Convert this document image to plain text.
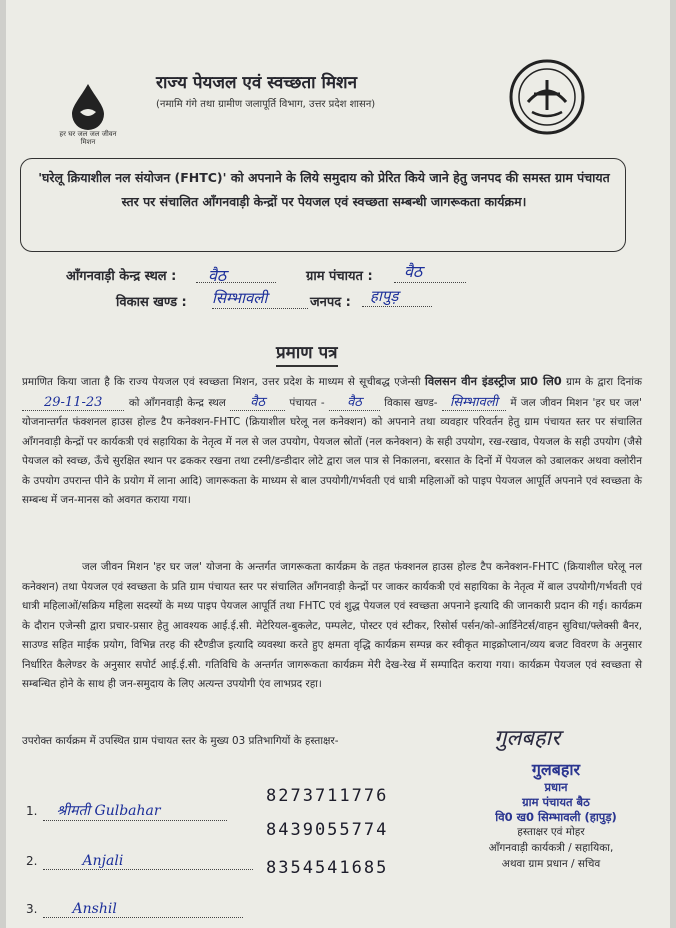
हर घर जल जल जीवन मिशन
राज्य पेयजल एवं स्वच्छता मिशन
(नमामि गंगे तथा ग्रामीण जलापूर्ति विभाग, उत्तर प्रदेश शासन)
'घरेलू क्रियाशील नल संयोजन (FHTC)' को अपनाने के लिये समुदाय को प्रेरित किये जाने हेतु जनपद की समस्त ग्राम पंचायत स्तर पर संचालित आँगनवाड़ी केन्द्रों पर पेयजल एवं स्वच्छता सम्बन्धी जागरूकता कार्यक्रम।
आँगनवाड़ी केन्द्र स्थल :	वैठ	ग्राम पंचायत :	वैठ
विकास खण्ड : सिम्भावली	जनपद :	हापुड़
प्रमाण पत्र
प्रमाणित किया जाता है कि राज्य पेयजल एवं स्वच्छता मिशन, उत्तर प्रदेश के माध्यम से सूचीबद्ध एजेन्सी विलसन वीन इंडस्ट्रीज प्रा0 लि0 ग्राम के द्वारा दिनांक 29-11-23	को आँगनवाड़ी केन्द्र स्थल वैठ पंचायत - वैठ विकास खण्ड- सिम्भावली में जल जीवन मिशन 'हर घर जल' योजनान्तर्गत फंक्शनल हाउस होल्ड टैप कनेक्शन-FHTC (क्रियाशील घरेलू नल कनेक्शन) को अपनाने तथा व्यवहार परिवर्तन हेतु ग्राम पंचायत स्तर पर संचालित आँगनवाड़ी केन्द्रों पर कार्यकत्री एवं सहायिका के नेतृत्व में नल से जल उपयोग, पेयजल स्रोतों (नल कनेक्शन) के सही उपयोग, रख-रखाव, पेयजल के सही उपयोग (जैसे पेयजल को स्वच्छ, ऊँचे सुरक्षित स्थान पर ढककर रखना तथा टस्नी/डन्डीदार लोटे द्वारा जल पात्र से निकालना, बरसात के दिनों में पेयजल को उबालकर अथवा क्लोरीन के उपयोग उपरान्त पीने के प्रयोग में लाना आदि) जागरूकता के माध्यम से बाल उपयोगी/गर्भवती एवं धात्री महिलाओं को पाइप पेयजल आपूर्ति अपनाने एवं स्वच्छता के सम्बन्ध में जन-मानस को अवगत कराया गया।
जल जीवन मिशन 'हर घर जल' योजना के अन्तर्गत जागरूकता कार्यक्रम के तहत फंक्शनल हाउस होल्ड टैप कनेक्शन-FHTC (क्रियाशील घरेलू नल कनेक्शन) तथा पेयजल एवं स्वच्छता के प्रति ग्राम पंचायत स्तर पर संचालित आँगनवाड़ी केन्द्रों पर जाकर कार्यकत्री एवं सहायिका के नेतृत्व में बाल उपयोगी/गर्भवती एवं धात्री महिलाओं/सक्रिय महिला सदस्यों के मध्य पाइप पेयजल आपूर्ति तथा FHTC एवं शुद्ध पेयजल एवं स्वच्छता अपनाने इत्यादि की जानकारी प्रदान की गई। कार्यक्रम के दौरान एजेन्सी द्वारा प्रचार-प्रसार हेतु आवश्यक आई.ई.सी. मेटेरियल-बुकलेट, पम्पलेट, पोस्टर एवं स्टीकर, रिसोर्स पर्सन/को-आर्डिनेटर्स/वाहन सुविधा/फ्लेक्सी बैनर, साउण्ड सहित माईक प्रयोग, विभिन्न तरह की स्टैण्डीज इत्यादि व्यवस्था करते हुए क्षमता वृद्धि कार्यक्रम सम्पन्न कर स्वीकृत माइक्रोप्लान/व्यय बजट विवरण के अनुसार निर्धारित कैलेण्डर के अनुसार सपोर्ट आई.ई.सी. गतिविधि के अन्तर्गत जागरूकता कार्यक्रम मेरी देख-रेख में सम्पादित कराया गया। कार्यक्रम पेयजल एवं स्वच्छता से सम्बन्धित होने के साथ ही जन-समुदाय के लिए अत्यन्त उपयोगी एंव लाभप्रद रहा।
उपरोक्त कार्यक्रम में उपस्थित ग्राम पंचायत स्तर के मुख्य 03 प्रतिभागियों के हस्ताक्षर-
1. श्रीमती Gulbahar
8273711776
2.	Anjali
8439055774
3.	Anshil
8354541685
गुलबहार
गुलबहार
प्रधान
ग्राम पंचायत बैठ
वि0 ख0 सिम्भावली (हापुड़)
हस्ताक्षर एवं मोहर
आँगनवाड़ी कार्यकत्री / सहायिका,
अथवा ग्राम प्रधान / सचिव
